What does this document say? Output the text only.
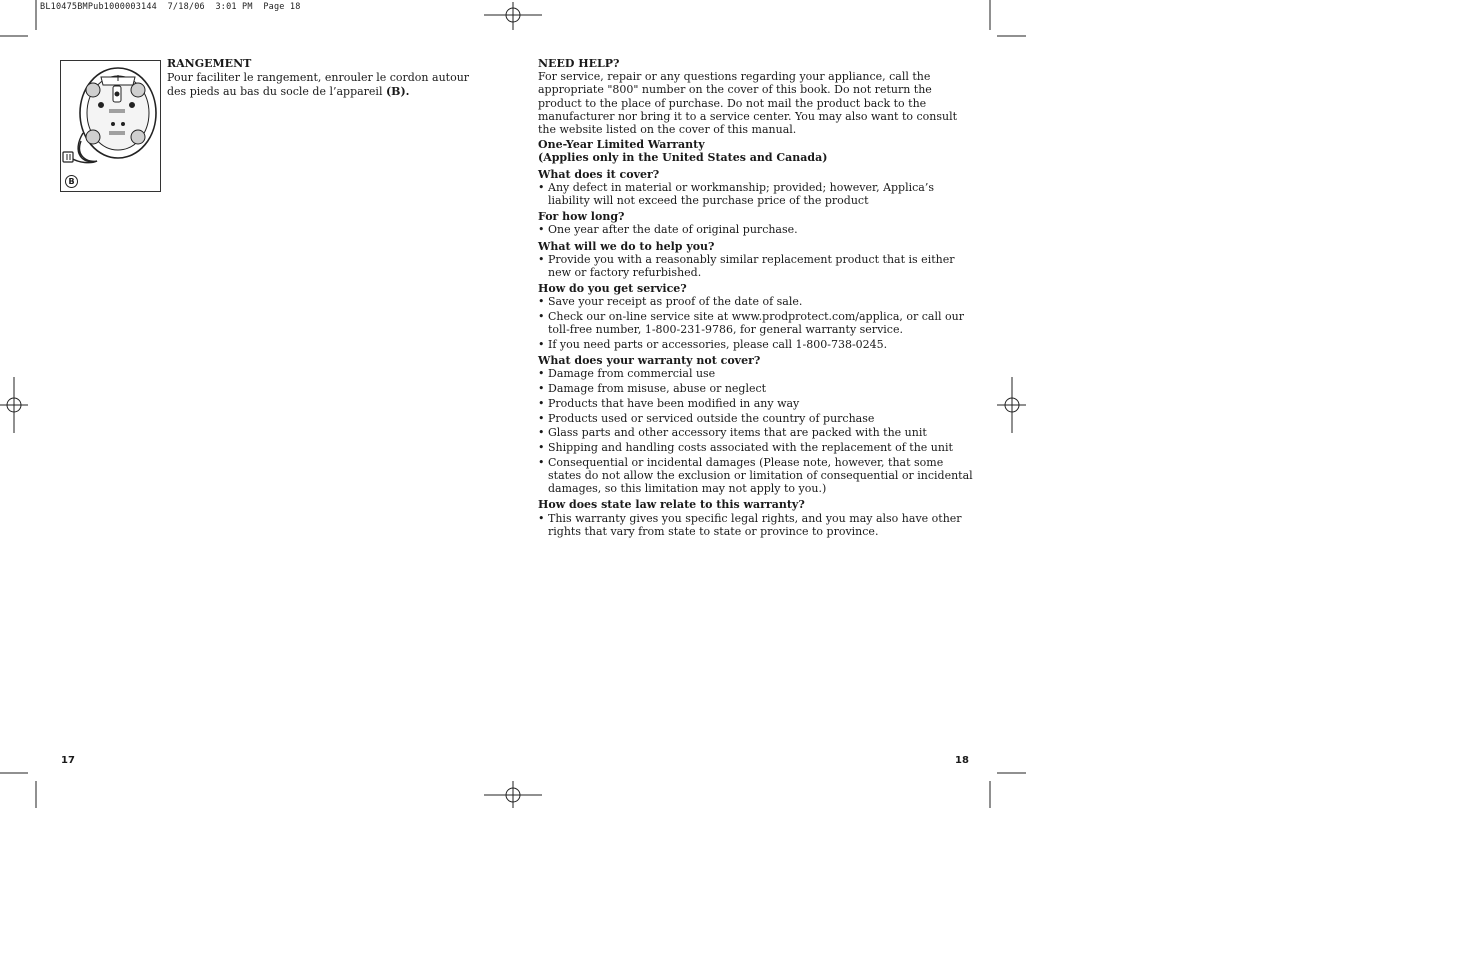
BL10475BMPub1000003144  7/18/06  3:01 PM  Page 18
B
RANGEMENT
Pour faciliter le rangement, enrouler le cordon autour des pieds au bas du socle de l’appareil (B).
NEED HELP?
For service, repair or any questions regarding your appliance, call the appropriate "800" number on the cover of this book. Do not return the product to the place of purchase. Do not mail the product back to the manufacturer nor bring it to a service center. You may also want to consult the website listed on the cover of this manual.
One-Year Limited Warranty
(Applies only in the United States and Canada)
What does it cover?
• Any defect in material or workmanship; provided; however, Applica’s liability will not exceed the purchase price of the product
For how long?
• One year after the date of original purchase.
What will we do to help you?
• Provide you with a reasonably similar replacement product that is either new or factory refurbished.
How do you get service?
• Save your receipt as proof of the date of sale.
• Check our on-line service site at www.prodprotect.com/applica, or call our toll-free number, 1-800-231-9786, for general warranty service.
• If you need parts or accessories, please call 1-800-738-0245.
What does your warranty not cover?
• Damage from commercial use
• Damage from misuse, abuse or neglect
• Products that have been modified in any way
• Products used or serviced outside the country of purchase
• Glass parts and other accessory items that are packed with the unit
• Shipping and handling costs associated with the replacement of the unit
• Consequential or incidental damages (Please note, however, that some states do not allow the exclusion or limitation of consequential or incidental damages, so this limitation may not apply to you.)
How does state law relate to this warranty?
• This warranty gives you specific legal rights, and you may also have other rights that vary from state to state or province to province.
17	18
